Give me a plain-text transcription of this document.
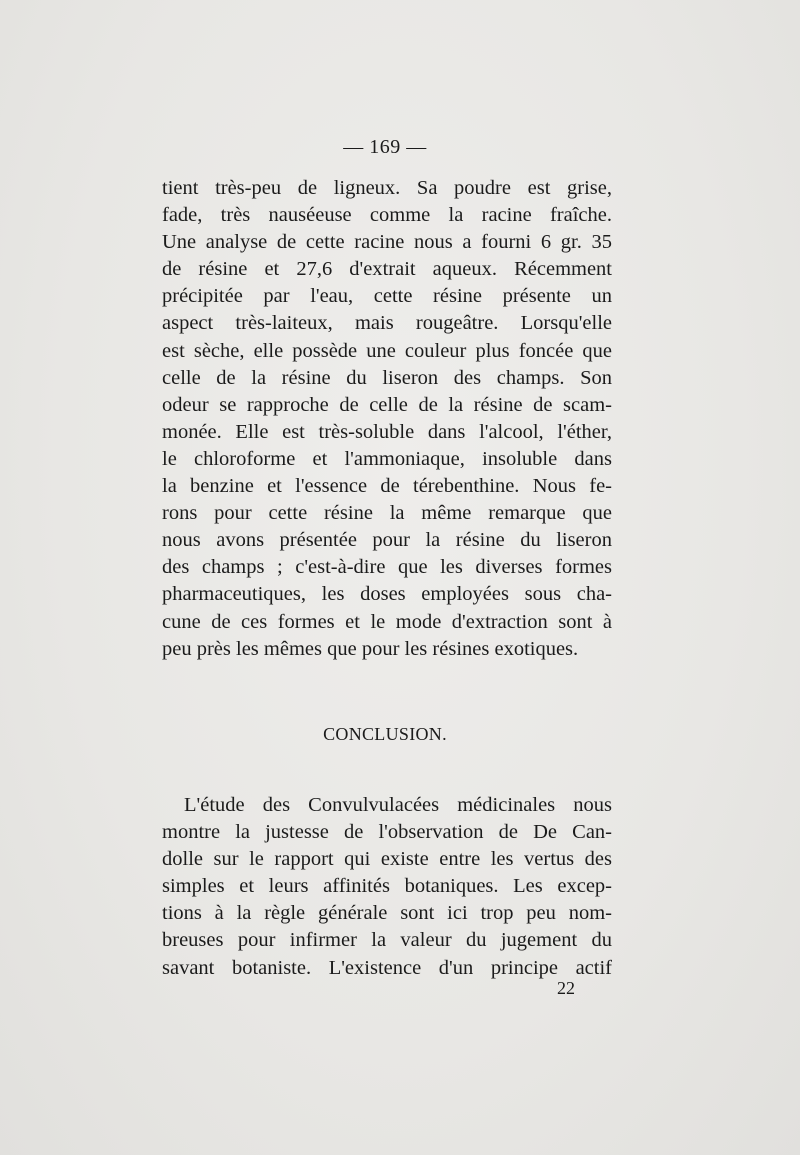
— 169 —
tient très-peu de ligneux. Sa poudre est grise,
fade, très nauséeuse comme la racine fraîche.
Une analyse de cette racine nous a fourni 6 gr. 35
de résine et 27,6 d'extrait aqueux. Récemment
précipitée par l'eau, cette résine présente un
aspect très-laiteux, mais rougeâtre. Lorsqu'elle
est sèche, elle possède une couleur plus foncée que
celle de la résine du liseron des champs. Son
odeur se rapproche de celle de la résine de scam-
monée. Elle est très-soluble dans l'alcool, l'éther,
le chloroforme et l'ammoniaque, insoluble dans
la benzine et l'essence de térebenthine. Nous fe-
rons pour cette résine la même remarque que
nous avons présentée pour la résine du liseron
des champs ; c'est-à-dire que les diverses formes
pharmaceutiques, les doses employées sous cha-
cune de ces formes et le mode d'extraction sont à
peu près les mêmes que pour les résines exotiques.
CONCLUSION.
L'étude des Convulvulacées médicinales nous
montre la justesse de l'observation de De Can-
dolle sur le rapport qui existe entre les vertus des
simples et leurs affinités botaniques. Les excep-
tions à la règle générale sont ici trop peu nom-
breuses pour infirmer la valeur du jugement du
savant botaniste. L'existence d'un principe actif
22
